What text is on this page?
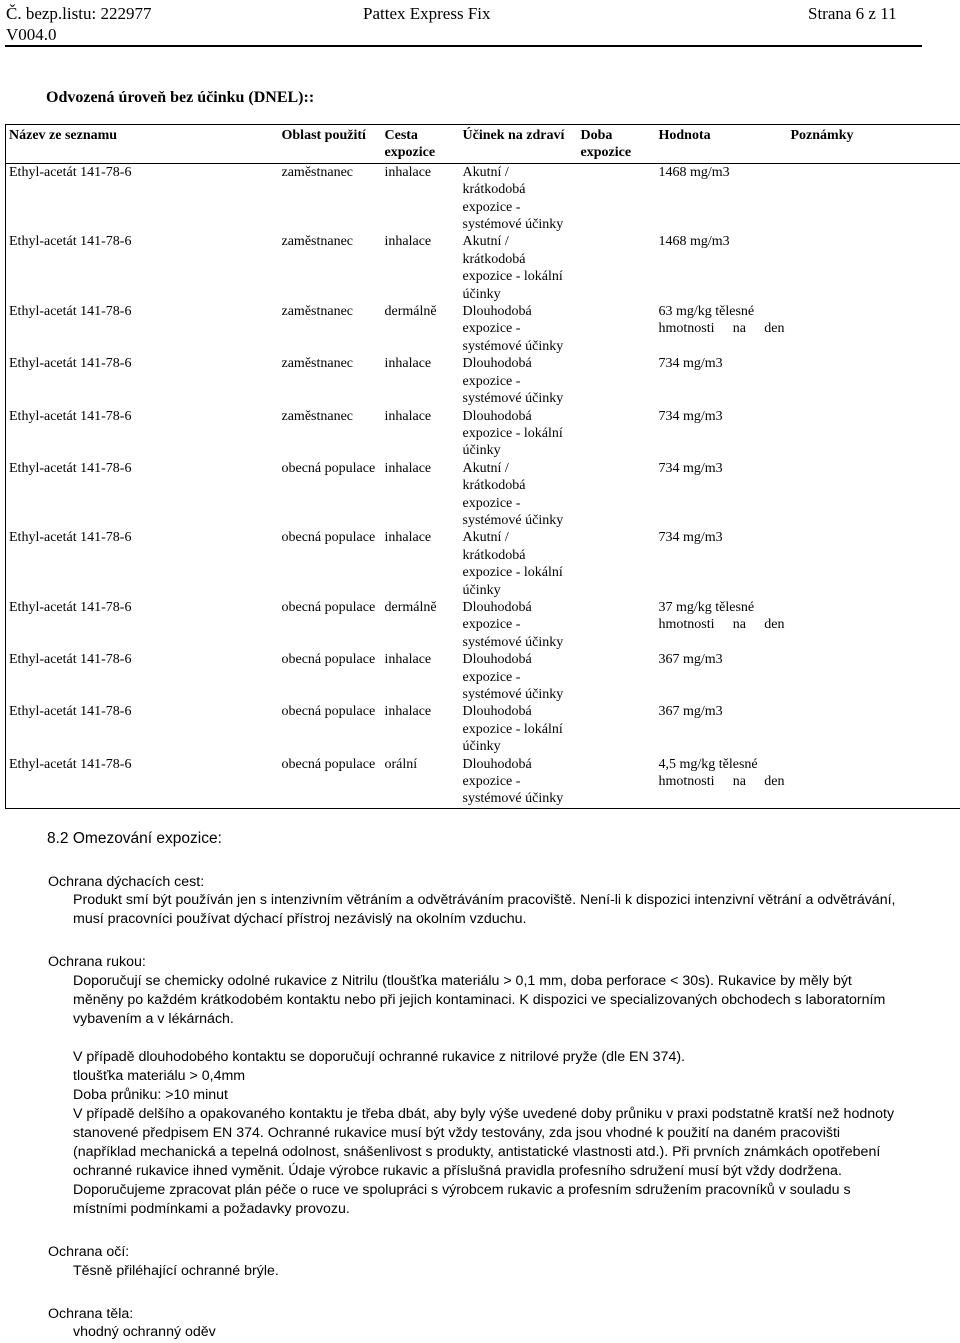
Č. bezp.listu: 222977	Pattex Express Fix	Strana 6 z 11
V004.0
Odvozená úroveň bez účinku (DNEL)::
Název ze seznamu	Oblast použití	Cesta expozice	Účinek na zdraví	Doba expozice	Hodnota	Poznámky
Ethyl-acetát 141-78-6	zaměstnanec	inhalace	Akutní / krátkodobá expozice - systémové účinky		1468 mg/m3	
Ethyl-acetát 141-78-6	zaměstnanec	inhalace	Akutní / krátkodobá expozice - lokální účinky		1468 mg/m3	
Ethyl-acetát 141-78-6	zaměstnanec	dermálně	Dlouhodobá expozice - systémové účinky		63 mg/kg tělesné hmotnosti na den	
Ethyl-acetát 141-78-6	zaměstnanec	inhalace	Dlouhodobá expozice - systémové účinky		734 mg/m3	
Ethyl-acetát 141-78-6	zaměstnanec	inhalace	Dlouhodobá expozice - lokální účinky		734 mg/m3	
Ethyl-acetát 141-78-6	obecná populace	inhalace	Akutní / krátkodobá expozice - systémové účinky		734 mg/m3	
Ethyl-acetát 141-78-6	obecná populace	inhalace	Akutní / krátkodobá expozice - lokální účinky		734 mg/m3	
Ethyl-acetát 141-78-6	obecná populace	dermálně	Dlouhodobá expozice - systémové účinky		37 mg/kg tělesné hmotnosti na den	
Ethyl-acetát 141-78-6	obecná populace	inhalace	Dlouhodobá expozice - systémové účinky		367 mg/m3	
Ethyl-acetát 141-78-6	obecná populace	inhalace	Dlouhodobá expozice - lokální účinky		367 mg/m3	
Ethyl-acetát 141-78-6	obecná populace	orální	Dlouhodobá expozice - systémové účinky		4,5 mg/kg tělesné hmotnosti na den	
8.2 Omezování expozice:
Ochrana dýchacích cest:
Produkt smí být používán jen s intenzivním větráním a odvětráváním pracoviště. Není-li k dispozici intenzivní větrání a odvětrávání, musí pracovníci používat dýchací přístroj nezávislý na okolním vzduchu.
Ochrana rukou:
Doporučují se chemicky odolné rukavice z Nitrilu (tloušťka materiálu > 0,1 mm, doba perforace < 30s). Rukavice by měly být měněny po každém krátkodobém kontaktu nebo při jejich kontaminaci. K dispozici ve specializovaných obchodech s laboratorním vybavením a v lékárnách.
V případě dlouhodobého kontaktu se doporučují ochranné rukavice z nitrilové pryže (dle EN 374).
tloušťka materiálu > 0,4mm
Doba průniku: >10 minut
V případě delšího a opakovaného kontaktu je třeba dbát, aby byly výše uvedené doby průniku v praxi podstatně kratší než hodnoty stanovené předpisem EN 374. Ochranné rukavice musí být vždy testovány, zda jsou vhodné k použití na daném pracovišti (například mechanická a tepelná odolnost, snášenlivost s produkty, antistatické vlastnosti atd.). Při prvních známkách opotřebení ochranné rukavice ihned vyměnit. Údaje výrobce rukavic a příslušná pravidla profesního sdružení musí být vždy dodržena. Doporučujeme zpracovat plán péče o ruce ve spolupráci s výrobcem rukavic a profesním sdružením pracovníků v souladu s místními podmínkami a požadavky provozu.
Ochrana očí:
Těsně přiléhající ochranné brýle.
Ochrana těla:
vhodný ochranný oděv
